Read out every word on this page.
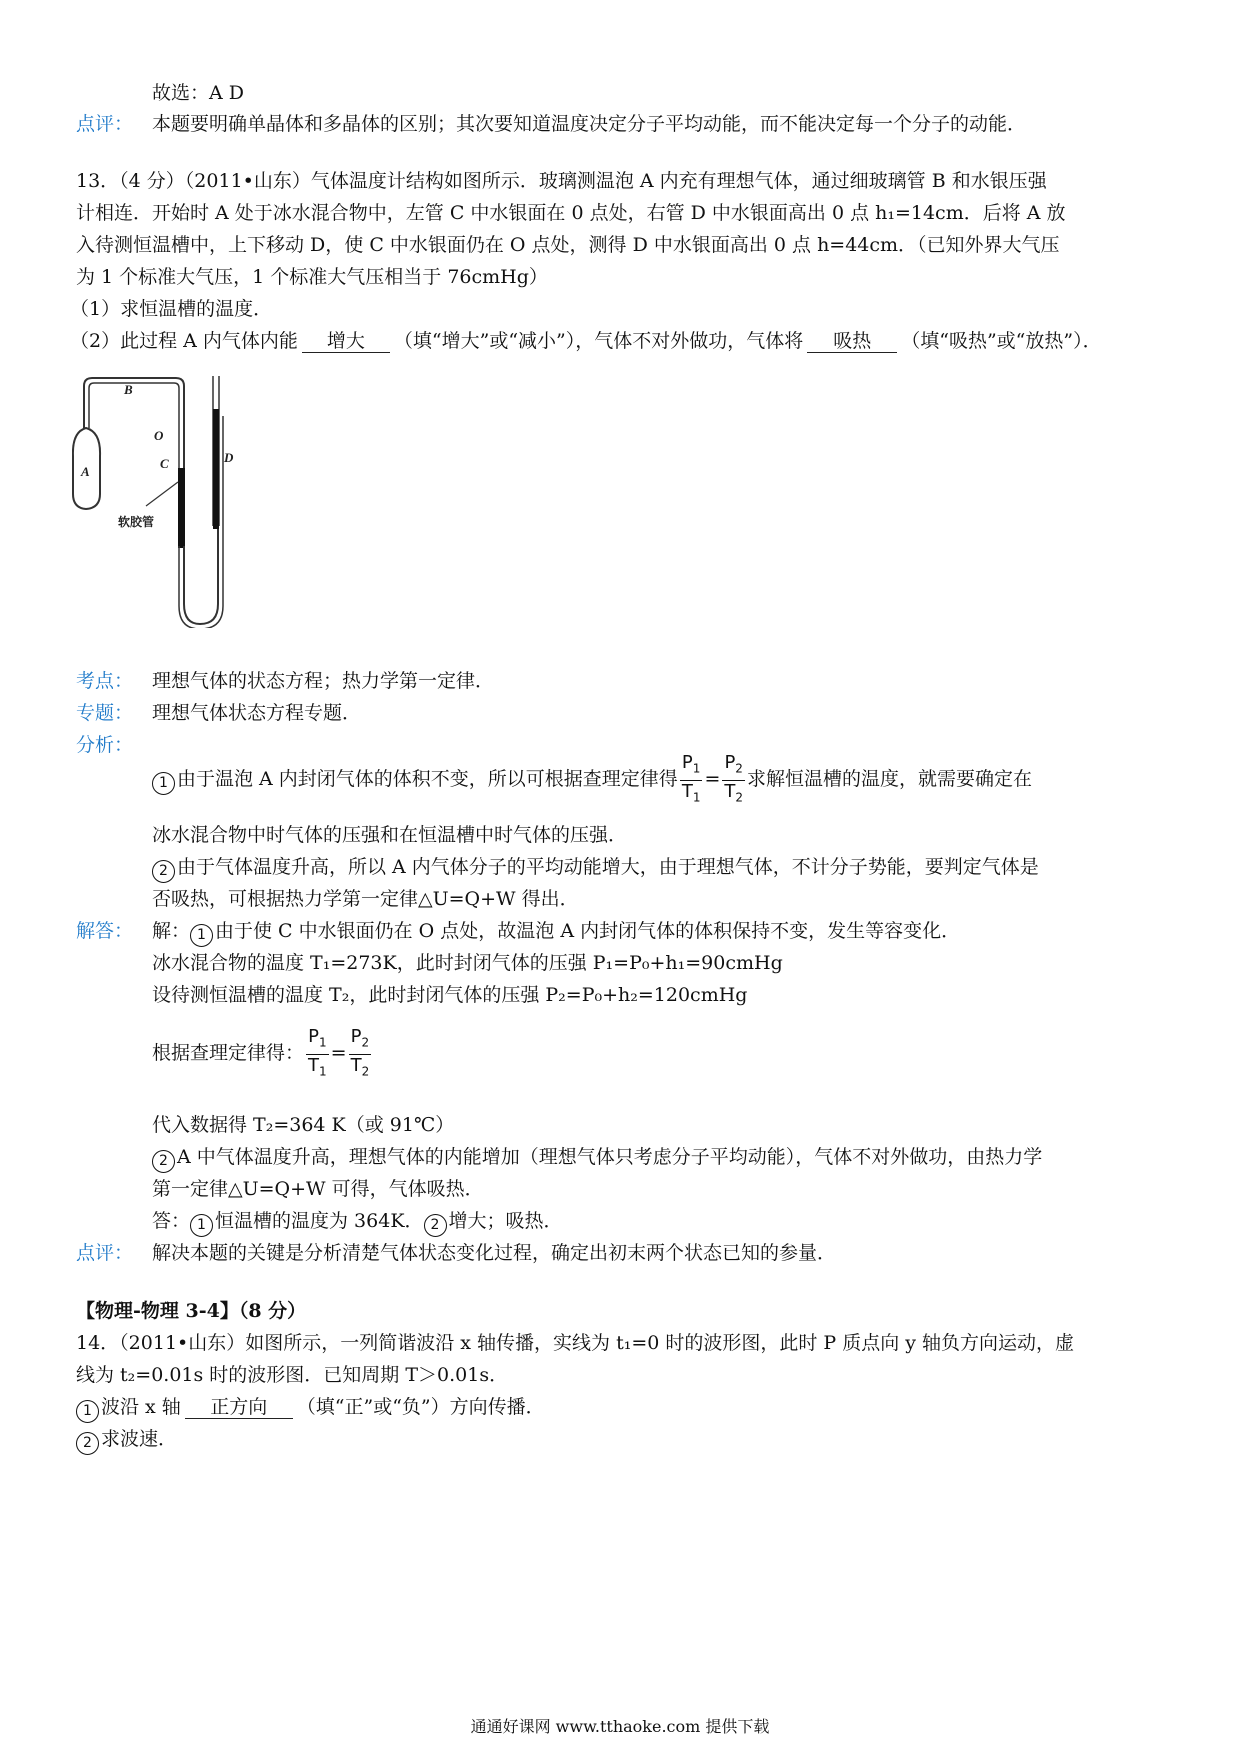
故选：A D
点评： 本题要明确单晶体和多晶体的区别；其次要知道温度决定分子平均动能，而不能决定每一个分子的动能．
13．（4 分）（2011•山东）气体温度计结构如图所示．玻璃测温泡 A 内充有理想气体，通过细玻璃管 B 和水银压强
计相连．开始时 A 处于冰水混合物中，左管 C 中水银面在 0 点处，右管 D 中水银面高出 0 点 h₁=14cm．后将 A 放
入待测恒温槽中，上下移动 D，使 C 中水银面仍在 O 点处，测得 D 中水银面高出 0 点 h=44cm．（已知外界大气压
为 1 个标准大气压，1 个标准大气压相当于 76cmHg）
（1）求恒温槽的温度．
（2）此过程 A 内气体内能 增大 （填“增大”或“减小”），气体不对外做功，气体将 吸热 （填“吸热”或“放热”）．
A
B
O
C	D
软胶管
考点： 理想气体的状态方程；热力学第一定律．
专题： 理想气体状态方程专题．
分析：
1 由于温泡 A 内封闭气体的体积不变，所以可根据查理定律得 $\frac{P_1}{T_1} = \frac{P_2}{T_2}$ 求解恒温槽的温度，就需要确定在
冰水混合物中时气体的压强和在恒温槽中时气体的压强．
2 由于气体温度升高，所以 A 内气体分子的平均动能增大，由于理想气体，不计分子势能，要判定气体是
否吸热，可根据热力学第一定律△U=Q+W 得出．
解答： 解： 1 由于使 C 中水银面仍在 O 点处，故温泡 A 内封闭气体的体积保持不变，发生等容变化．
冰水混合物的温度 T₁=273K，此时封闭气体的压强 P₁=P₀+h₁=90cmHg
设待测恒温槽的温度 T₂，此时封闭气体的压强 P₂=P₀+h₂=120cmHg
根据查理定律得： $\frac{P_1}{T_1} = \frac{P_2}{T_2}$
代入数据得 T₂=364 K（或 91℃）
2 A 中气体温度升高，理想气体的内能增加（理想气体只考虑分子平均动能），气体不对外做功，由热力学
第一定律△U=Q+W 可得，气体吸热．
答： 1 恒温槽的温度为 364K． 2 增大；吸热．
点评： 解决本题的关键是分析清楚气体状态变化过程，确定出初末两个状态已知的参量．
【物理-物理 3-4】（8 分）
14．（2011•山东）如图所示，一列简谐波沿 x 轴传播，实线为 t₁=0 时的波形图，此时 P 质点向 y 轴负方向运动，虚
线为 t₂=0.01s 时的波形图．已知周期 T＞0.01s．
1 波沿 x 轴 正方向 （填“正”或“负”）方向传播．
2 求波速．
通通好课网 www.tthaoke.com 提供下载
